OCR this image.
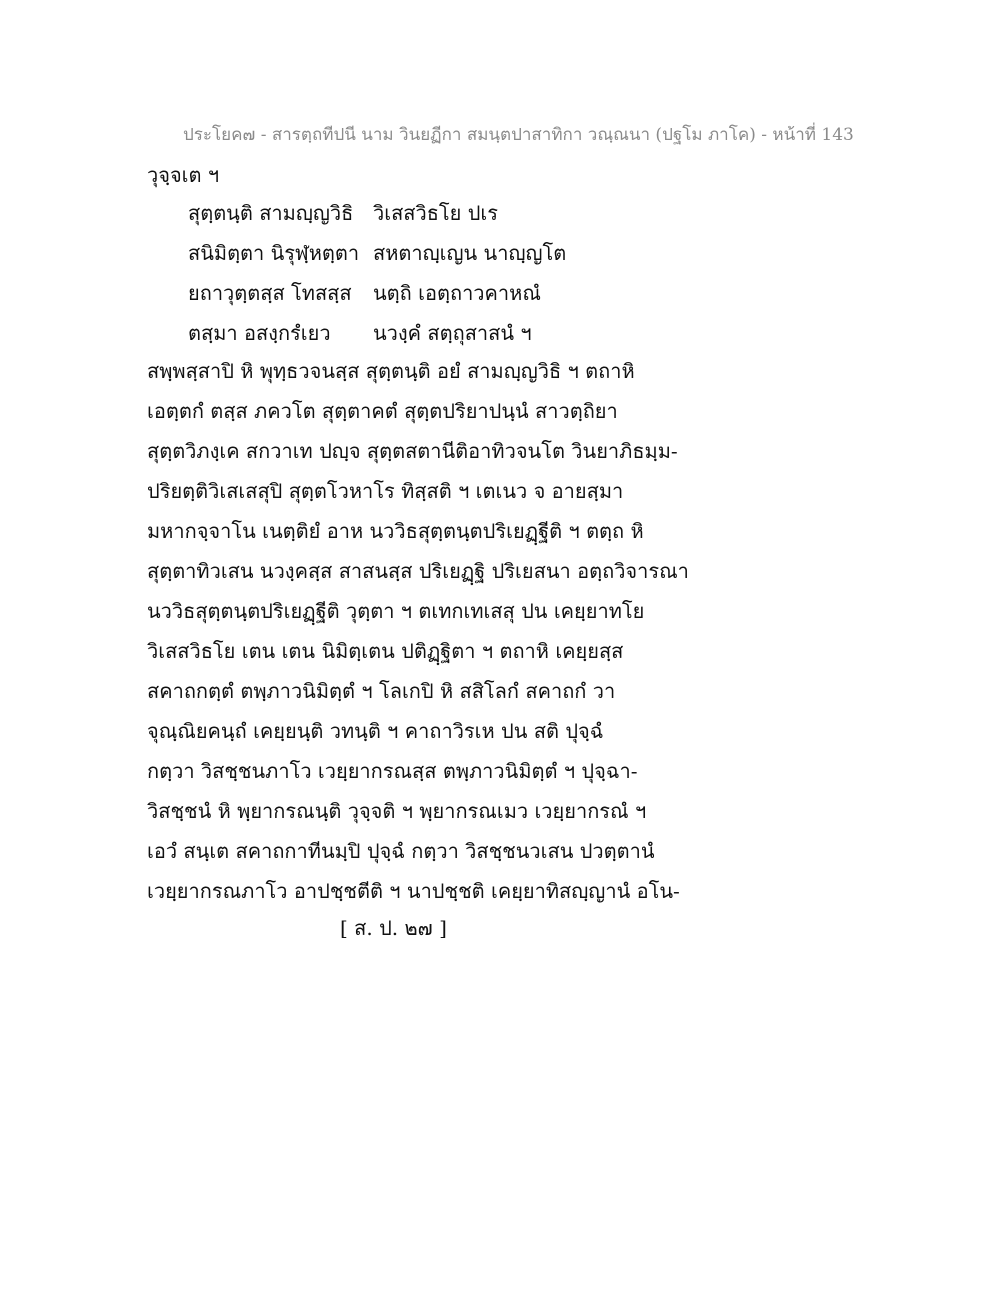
ประโยค๗ - สารตฺถทีปนี นาม วินยฏีกา สมนฺตปาสาทิกา วณฺณนา (ปฐโม ภาโค) - หน้าที่ 143
วุจฺจเต ฯ
สุตฺตนฺติ สามญฺญวิธิ วิเสสวิธโย ปเร
สนิมิตฺตา นิรุฬฺหตฺตา สหตาญฺเญน นาญฺญโต
ยถาวุตฺตสฺส โทสสฺส นตฺถิ เอตฺถาวคาหณํ
ตสฺมา อสงฺกรํเยว นวงฺคํ สตฺถุสาสนํ ฯ
สพฺพสฺสาปิ หิ พุทฺธวจนสฺส สุตฺตนฺติ อยํ สามญฺญวิธิ ฯ ตถาหิ
เอตฺตกํ ตสฺส ภควโต สุตฺตาคตํ สุตฺตปริยาปนฺนํ สาวตฺถิยา
สุตฺตวิภงฺเค สกวาเท ปญฺจ สุตฺตสตานีติอาทิวจนโต วินยาภิธมฺม-
ปริยตฺติวิเสเสสุปิ สุตฺตโวหาโร ทิสฺสติ ฯ เตเนว จ อายสฺมา
มหากจฺจาโน เนตฺติยํ อาห นววิธสุตฺตนฺตปริเยฏฺฐีติ ฯ ตตฺถ หิ
สุตฺตาทิวเสน นวงฺคสฺส สาสนสฺส ปริเยฏฺฐิ ปริเยสนา อตฺถวิจารณา
นววิธสุตฺตนฺตปริเยฏฺฐีติ วุตฺตา ฯ ตเทกเทเสสุ ปน เคยฺยาทโย
วิเสสวิธโย เตน เตน นิมิตฺเตน ปติฏฺฐิตา ฯ ตถาหิ เคยฺยสฺส
สคาถกตฺตํ ตพฺภาวนิมิตฺตํ ฯ โลเกปิ หิ สสิโลกํ สคาถกํ วา
จุณฺณิยคนฺถํ เคยฺยนฺติ วทนฺติ ฯ คาถาวิรเห ปน สติ ปุจฺฉํ
กตฺวา วิสชฺชนภาโว เวยฺยากรณสฺส ตพฺภาวนิมิตฺตํ ฯ ปุจฺฉา-
วิสชฺชนํ หิ พฺยากรณนฺติ วุจฺจติ ฯ พฺยากรณเมว เวยฺยากรณํ ฯ
เอวํ สนฺเต สคาถกาทีนมฺปิ ปุจฺฉํ กตฺวา วิสชฺชนวเสน ปวตฺตานํ
เวยฺยากรณภาโว อาปชฺชตีติ ฯ นาปชฺชติ เคยฺยาทิสญฺญานํ อโน-
[ ส. ป. ๒๗ ]
